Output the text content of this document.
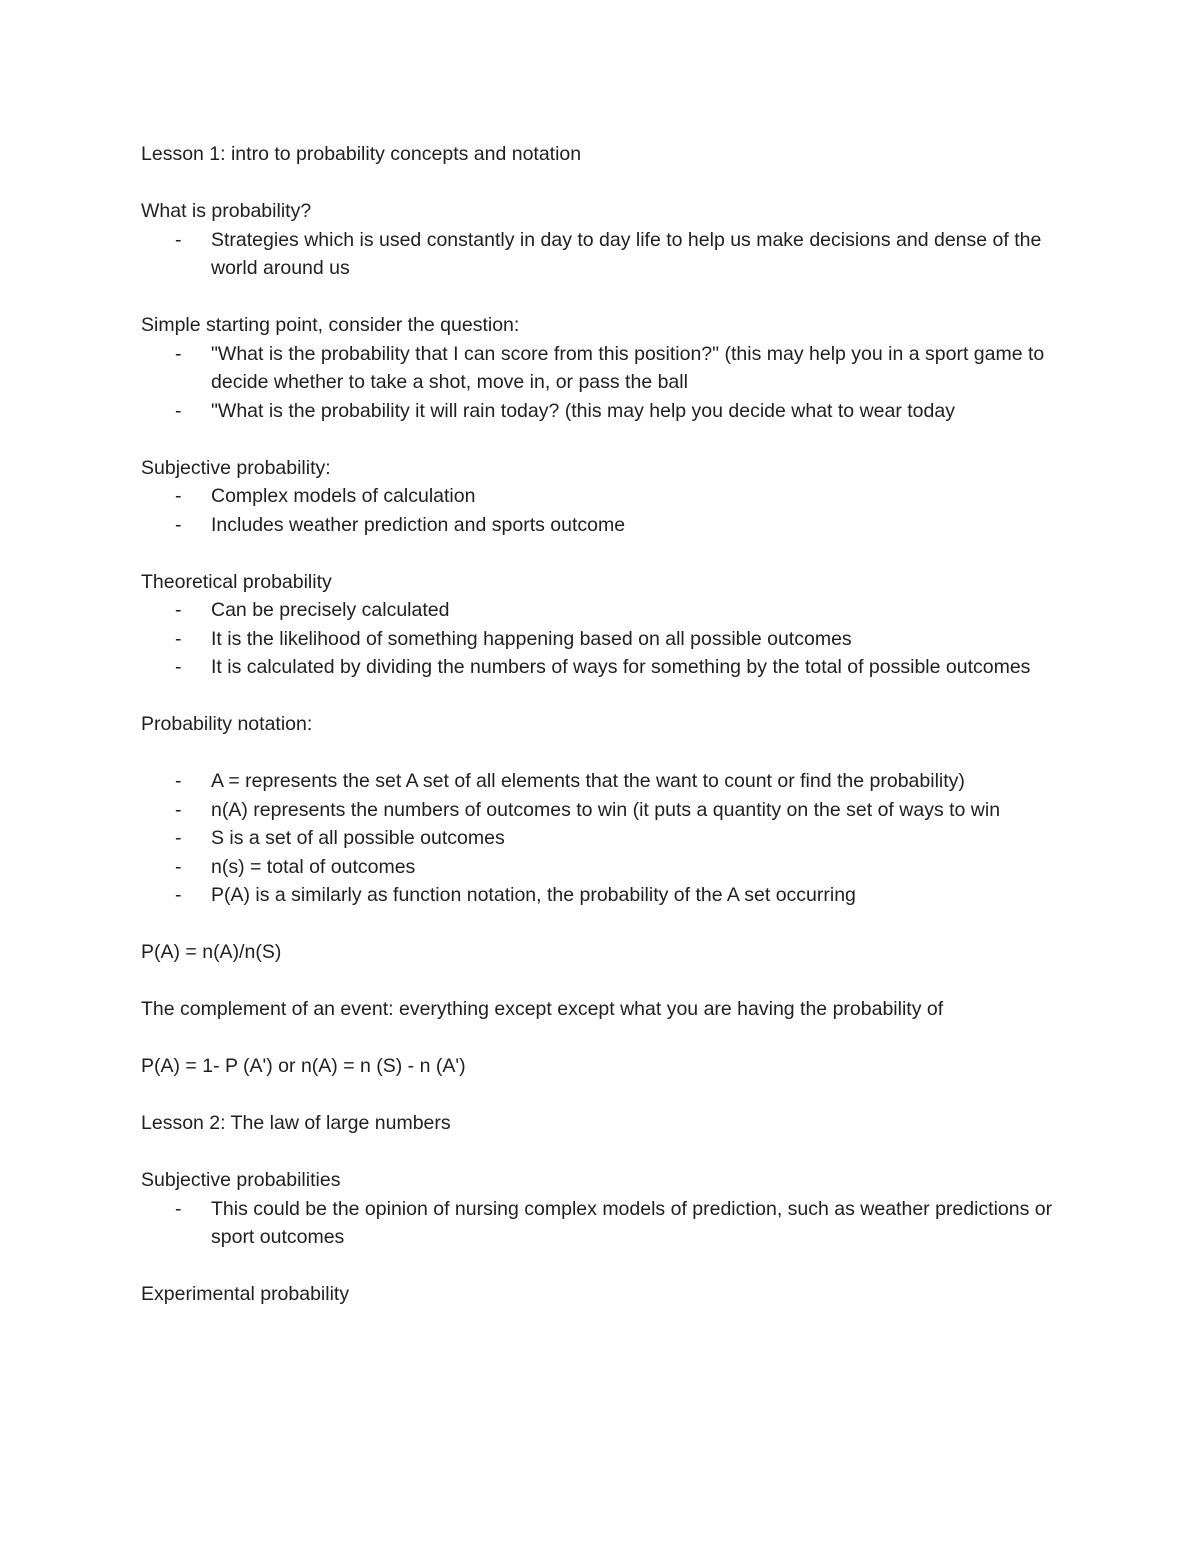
Lesson 1: intro to probability concepts and notation

What is probability?

- Strategies which is used constantly in day to day life to help us make decisions and dense of the world around us

Simple starting point, consider the question:

- "What is the probability that I can score from this position?" (this may help you in a sport game to decide whether to take a shot, move in, or pass the ball
- "What is the probability it will rain today? (this may help you decide what to wear today

Subjective probability:

- Complex models of calculation
- Includes weather prediction and sports outcome

Theoretical probability

- Can be precisely calculated
- It is the likelihood of something happening based on all possible outcomes
- It is calculated by dividing the numbers of ways for something by the total of possible outcomes

Probability notation:

- A = represents the set A set of all elements that the want to count or find the probability)
- n(A) represents the numbers of outcomes to win (it puts a quantity on the set of ways to win
- S is a set of all possible outcomes
- n(s) = total of outcomes
- P(A) is a similarly as function notation, the probability of the A set occurring

P(A) = n(A)/n(S)

The complement of an event: everything except except what you are having the probability of

P(A) = 1- P (A') or n(A) = n (S) - n (A')

Lesson 2: The law of large numbers

Subjective probabilities

- This could be the opinion of nursing complex models of prediction, such as weather predictions or sport outcomes

Experimental probability
